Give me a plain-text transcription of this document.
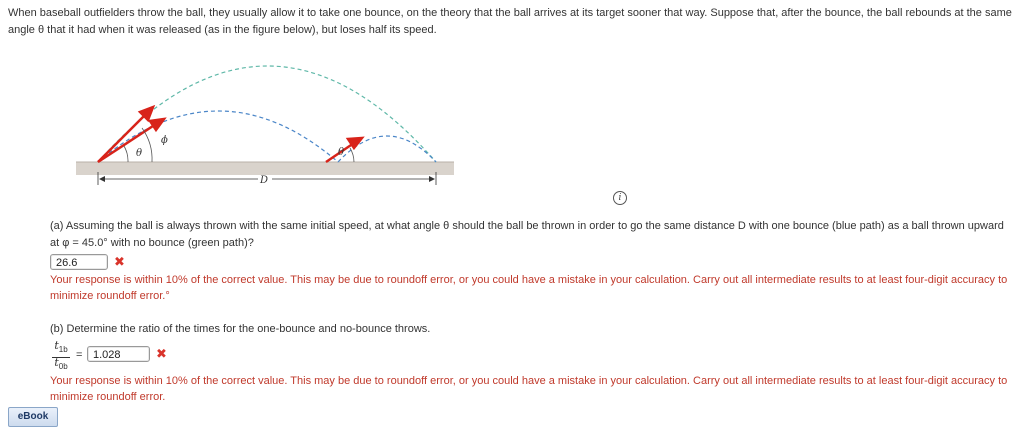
When baseball outfielders throw the ball, they usually allow it to take one bounce, on the theory that the ball arrives at its target sooner that way. Suppose that, after the bounce, the ball rebounds at the same angle θ that it had when it was released (as in the figure below), but loses half its speed.
θ
ϕ
θ
D
i
(a) Assuming the ball is always thrown with the same initial speed, at what angle θ should the ball be thrown in order to go the same distance D with one bounce (blue path) as a ball thrown upward at φ = 45.0° with no bounce (green path)?
26.6	✖
Your response is within 10% of the correct value. This may be due to roundoff error, or you could have a mistake in your calculation. Carry out all intermediate results to at least four-digit accuracy to minimize roundoff error.°
(b) Determine the ratio of the times for the one-bounce and no-bounce throws.
$\frac{t_{1b}}{t_{0b}}$
= 1.028	✖
Your response is within 10% of the correct value. This may be due to roundoff error, or you could have a mistake in your calculation. Carry out all intermediate results to at least four-digit accuracy to minimize roundoff error.
eBook
